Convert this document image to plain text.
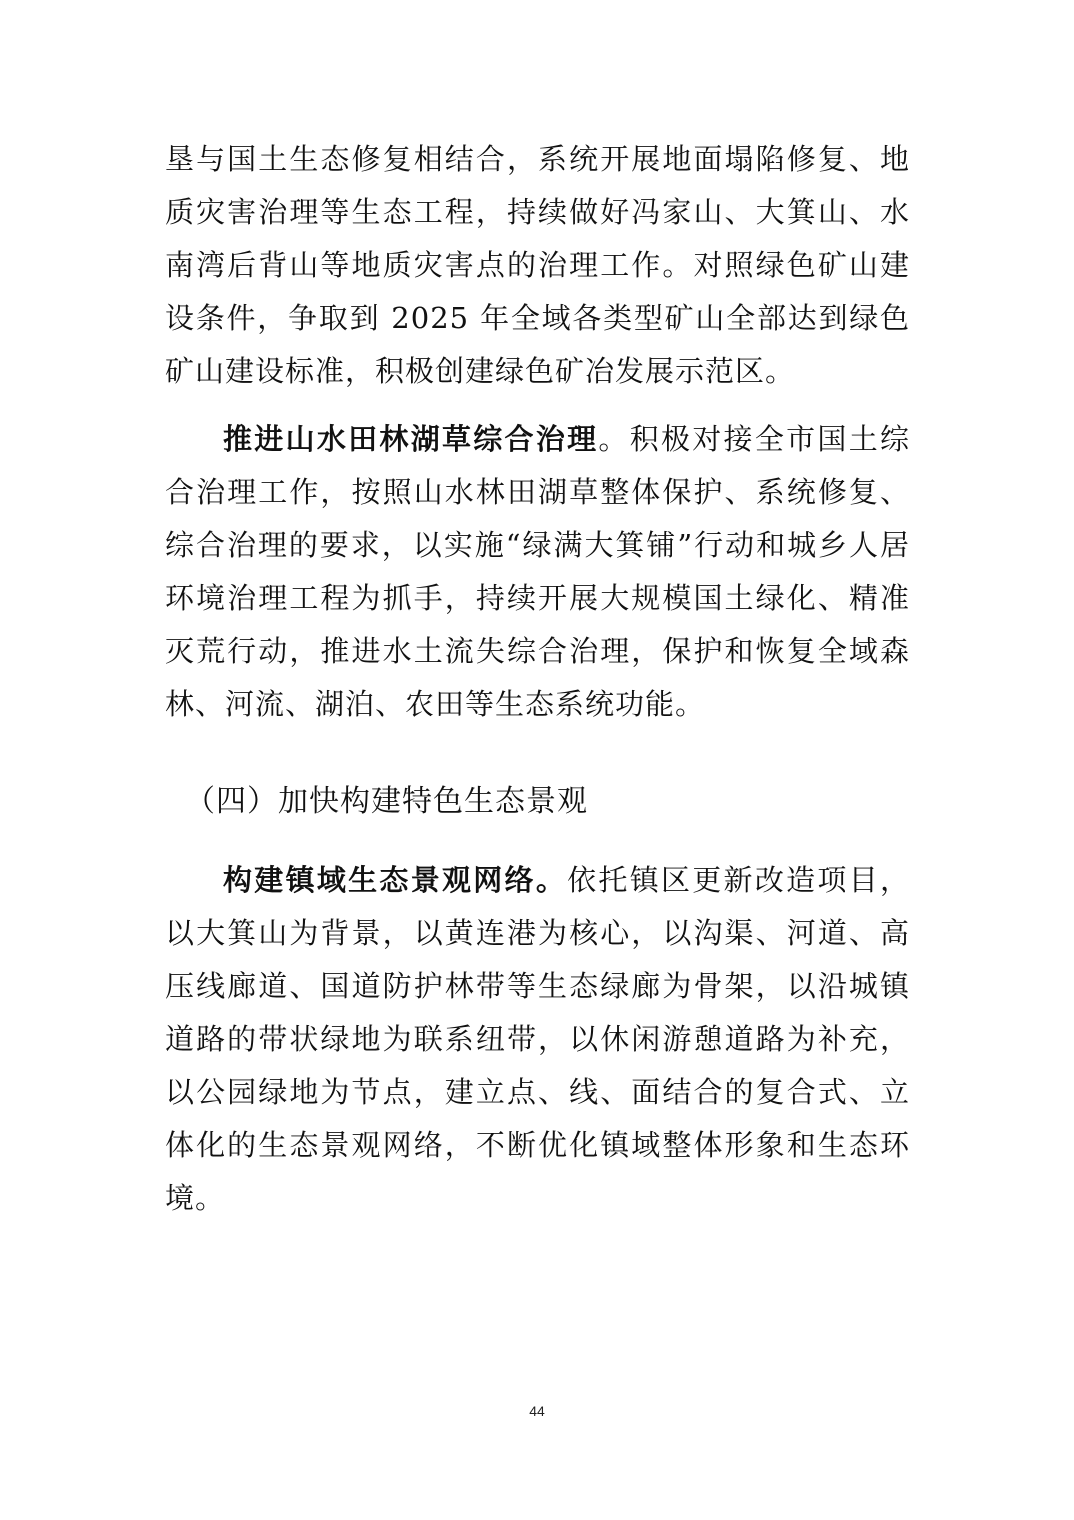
垦与国土生态修复相结合，系统开展地面塌陷修复、地质灾害治理等生态工程，持续做好冯家山、大箕山、水南湾后背山等地质灾害点的治理工作。对照绿色矿山建设条件，争取到 2025 年全域各类型矿山全部达到绿色矿山建设标准，积极创建绿色矿冶发展示范区。

推进山水田林湖草综合治理。积极对接全市国土综合治理工作，按照山水林田湖草整体保护、系统修复、综合治理的要求，以实施“绿满大箕铺”行动和城乡人居环境治理工程为抓手，持续开展大规模国土绿化、精准灭荒行动，推进水土流失综合治理，保护和恢复全域森林、河流、湖泊、农田等生态系统功能。

（四）加快构建特色生态景观

构建镇域生态景观网络。依托镇区更新改造项目，以大箕山为背景，以黄连港为核心，以沟渠、河道、高压线廊道、国道防护林带等生态绿廊为骨架，以沿城镇道路的带状绿地为联系纽带，以休闲游憩道路为补充，以公园绿地为节点，建立点、线、面结合的复合式、立体化的生态景观网络，不断优化镇域整体形象和生态环境。

44
